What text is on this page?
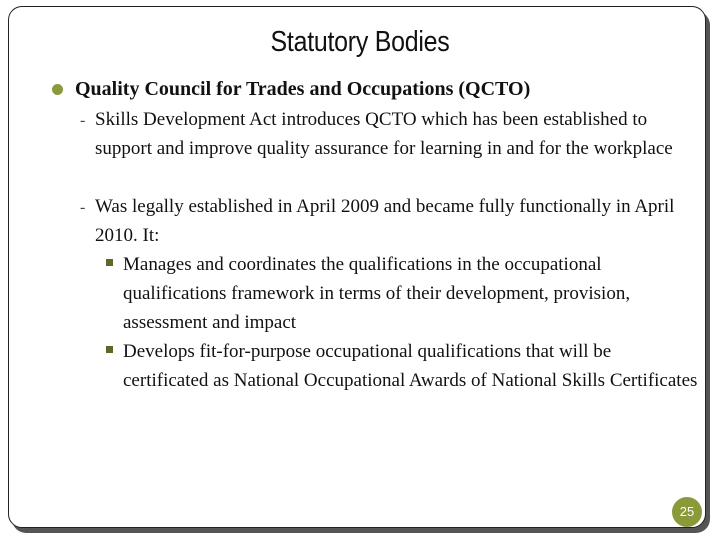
Statutory Bodies

Quality Council for Trades and Occupations (QCTO)

- Skills Development Act introduces QCTO which has been established to support and improve quality assurance for learning in and for the workplace

- Was legally established in April 2009 and became fully functionally in April 2010. It:

Manages and coordinates the qualifications in the occupational qualifications framework in terms of their development, provision, assessment and impact

Develops fit-for-purpose occupational qualifications that will be certificated as National Occupational Awards of National Skills Certificates

25
